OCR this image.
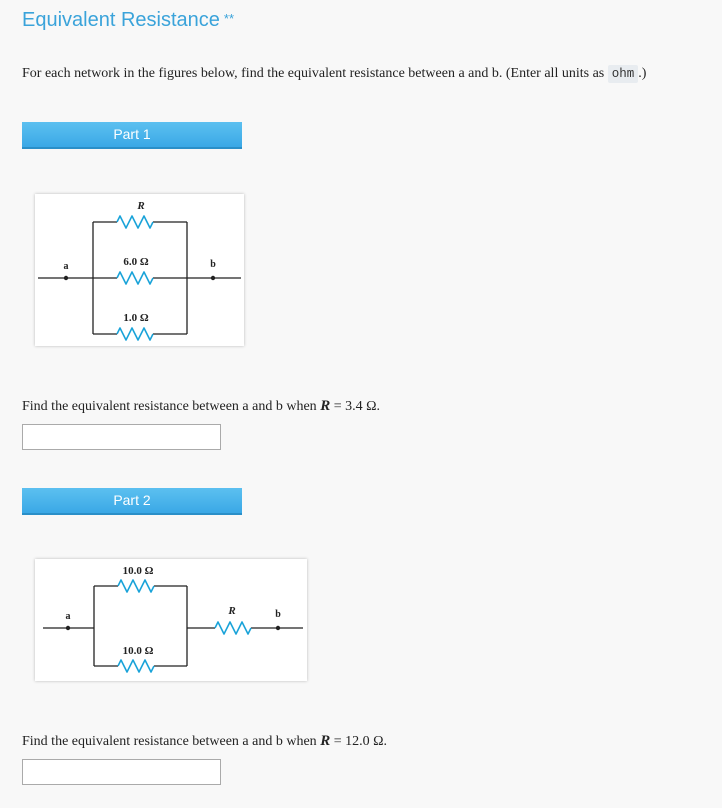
Equivalent Resistance **
For each network in the figures below, find the equivalent resistance between a and b. (Enter all units as ohm .)
Part 1
R
6.0 Ω
1.0 Ω
a	b
Find the equivalent resistance between a and b when R = 3.4 Ω.
Part 2
10.0 Ω
10.0 Ω
R
a	b
Find the equivalent resistance between a and b when R = 12.0 Ω.
